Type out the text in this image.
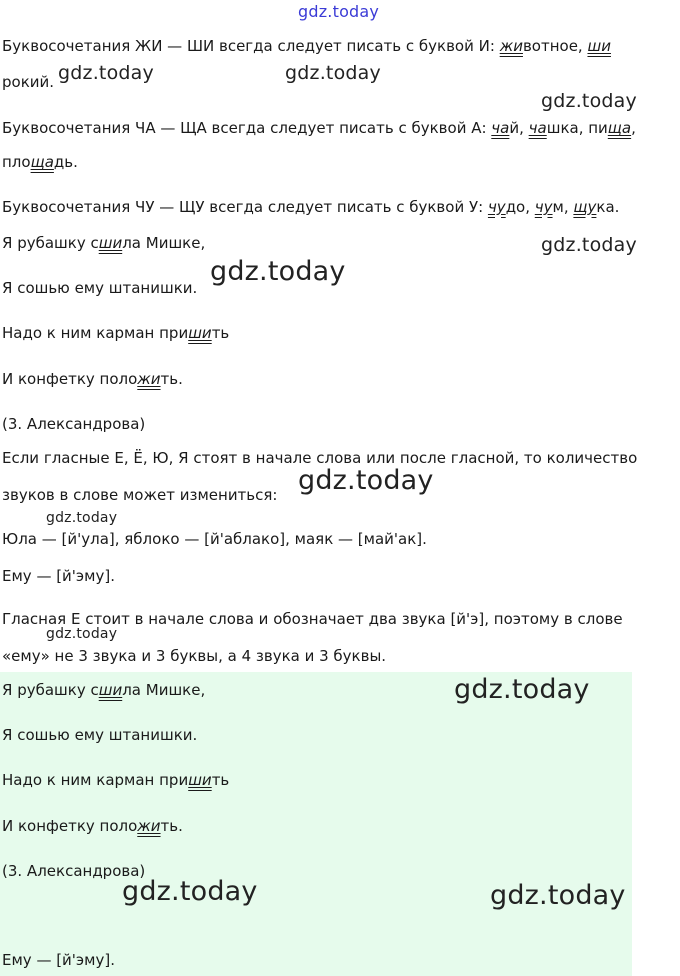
Буквосочетания ЖИ — ШИ всегда следует писать с буквой И: животное, ши
рокий.
Буквосочетания ЧА — ЩА всегда следует писать с буквой А: чай, чашка, пища,
площадь.
Буквосочетания ЧУ — ЩУ всегда следует писать с буквой У: чудо, чум, щука.
Я рубашку сшила Мишке,
Я сошью ему штанишки.
Надо к ним карман пришить
И конфетку положить.
(3. Александрова)
Если гласные Е, Ё, Ю, Я стоят в начале слова или после гласной, то количество
звуков в слове может измениться:
Юла — [й'ула], яблоко — [й'аблако], маяк — [май'ак].
Ему — [й'эму].
Гласная Е стоит в начале слова и обозначает два звука [й'э], поэтому в слове
«ему» не 3 звука и 3 буквы, а 4 звука и 3 буквы.
Я рубашку сшила Мишке,
Я сошью ему штанишки.
Надо к ним карман пришить
И конфетку положить.
(3. Александрова)
Ему — [й'эму].
gdz.today
gdz.today	gdz.today
gdz.today
gdz.today
gdz.today
gdz.today
gdz.today
gdz.today
gdz.today
gdz.today	gdz.today
